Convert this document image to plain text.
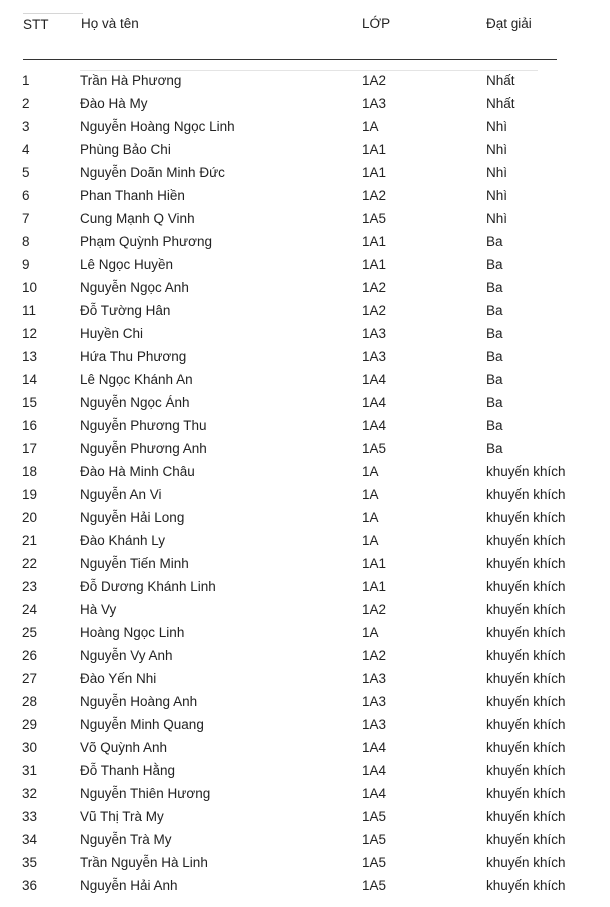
STT Họ và tên	LỚP	Đạt giải
1	Trần Hà Phương	1A2	Nhất
2	Đào Hà My	1A3	Nhất
3	Nguyễn Hoàng Ngọc Linh	1A	Nhì
4	Phùng Bảo Chi	1A1	Nhì
5	Nguyễn Doãn Minh Đức	1A1	Nhì
6	Phan Thanh Hiền	1A2	Nhì
7	Cung Mạnh Q Vinh	1A5	Nhì
8	Phạm Quỳnh Phương	1A1	Ba
9	Lê Ngọc Huyền	1A1	Ba
10	Nguyễn Ngọc Anh	1A2	Ba
11	Đỗ Tường Hân	1A2	Ba
12	Huyền Chi	1A3	Ba
13	Hứa Thu Phương	1A3	Ba
14	Lê Ngọc Khánh An	1A4	Ba
15	Nguyễn Ngọc Ánh	1A4	Ba
16	Nguyễn Phương Thu	1A4	Ba
17	Nguyễn Phương Anh	1A5	Ba
18	Đào Hà Minh Châu	1A	khuyến khích
19	Nguyễn An Vi	1A	khuyến khích
20	Nguyễn Hải Long	1A	khuyến khích
21	Đào Khánh Ly	1A	khuyến khích
22	Nguyễn Tiến Minh	1A1	khuyến khích
23	Đỗ Dương Khánh Linh	1A1	khuyến khích
24	Hà Vy	1A2	khuyến khích
25	Hoàng Ngọc Linh	1A	khuyến khích
26	Nguyễn Vy Anh	1A2	khuyến khích
27	Đào Yến Nhi	1A3	khuyến khích
28	Nguyễn Hoàng Anh	1A3	khuyến khích
29	Nguyễn Minh Quang	1A3	khuyến khích
30	Võ Quỳnh Anh	1A4	khuyến khích
31	Đỗ Thanh Hằng	1A4	khuyến khích
32	Nguyễn Thiên Hương	1A4	khuyến khích
33	Vũ Thị Trà My	1A5	khuyến khích
34	Nguyễn Trà My	1A5	khuyến khích
35	Trần Nguyễn Hà Linh	1A5	khuyến khích
36	Nguyễn Hải Anh	1A5	khuyến khích
